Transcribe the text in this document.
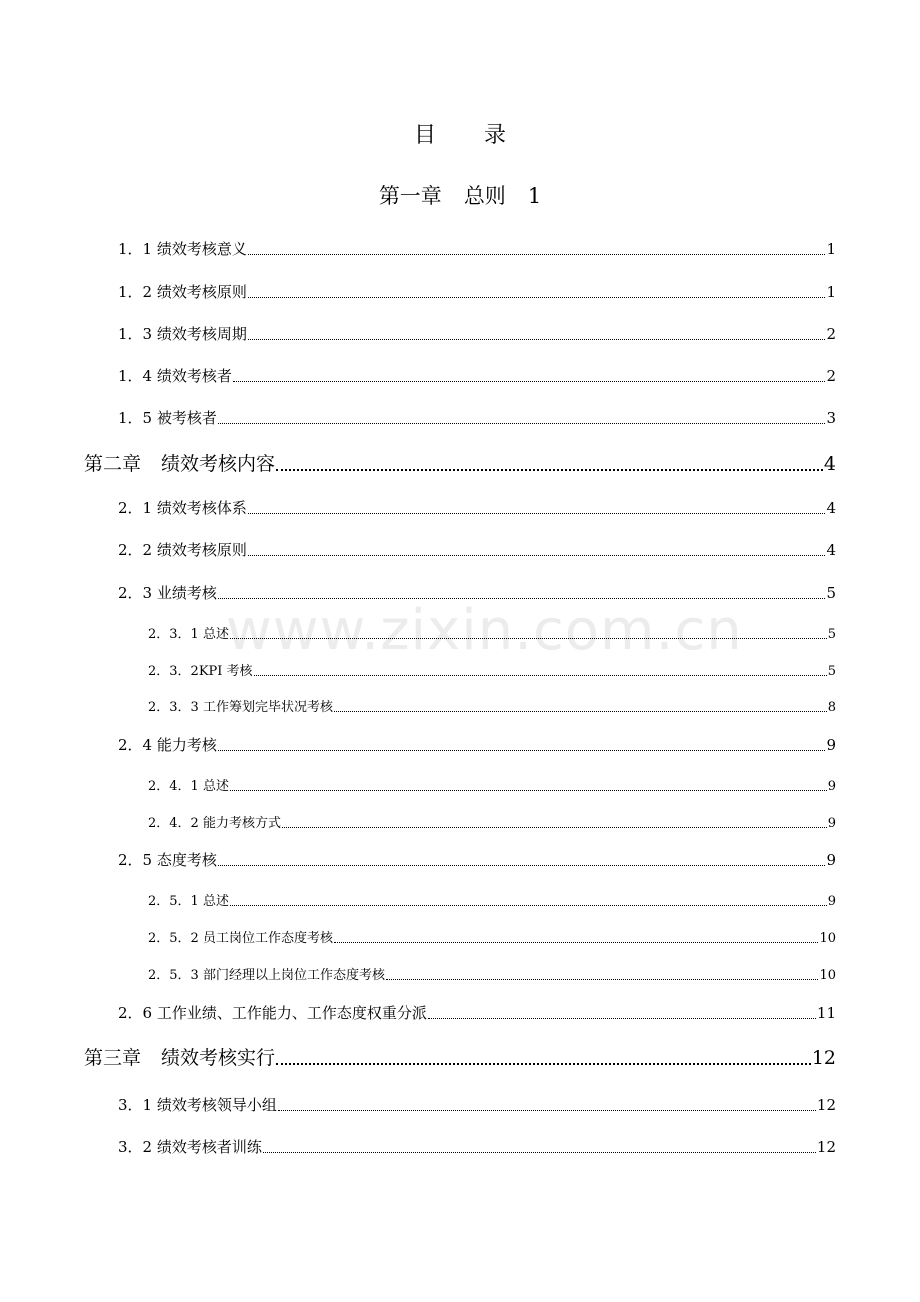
www.zixin.com.cn
目 录
第一章 总则 1
1．1 绩效考核意义	1
1．2 绩效考核原则	1
1．3 绩效考核周期	2
1．4 绩效考核者	2
1．5 被考核者	3
第二章 绩效考核内容	4
2．1 绩效考核体系	4
2．2 绩效考核原则	4
2．3 业绩考核	5
2．3．1 总述	5
2．3．2KPI 考核	5
2．3．3 工作筹划完毕状况考核	8
2．4 能力考核	9
2．4．1 总述	9
2．4．2 能力考核方式	9
2．5 态度考核	9
2．5．1 总述	9
2．5．2 员工岗位工作态度考核	10
2．5．3 部门经理以上岗位工作态度考核	10
2．6 工作业绩、工作能力、工作态度权重分派	11
第三章 绩效考核实行	12
3．1 绩效考核领导小组	12
3．2 绩效考核者训练	12
